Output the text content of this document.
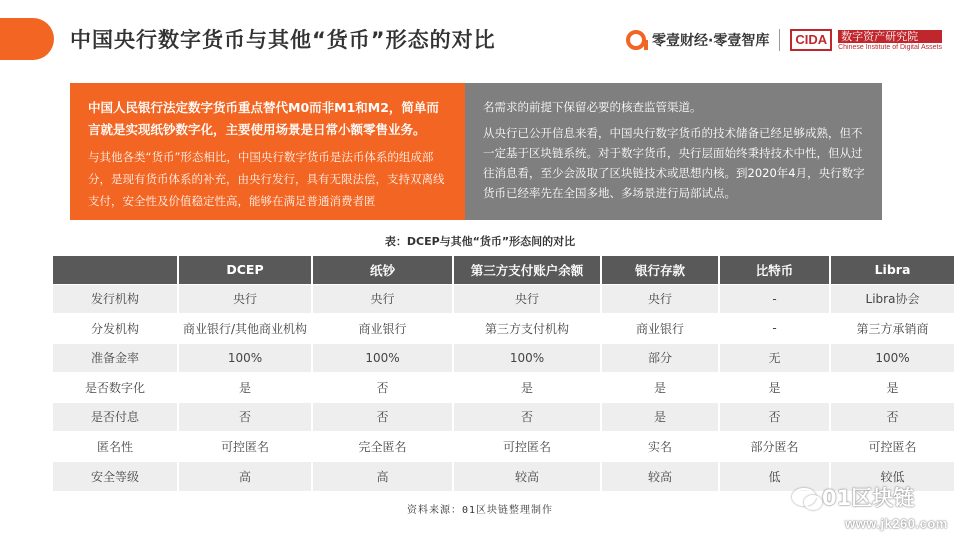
中国央行数字货币与其他“货币”形态的对比	零壹财经·零壹智库	CIDA	数字资产研究院
Chinese Institute of Digital Assets

中国人民银行法定数字货币重点替代M0而非M1和M2，简单而言就是实现纸钞数字化，主要使用场景是日常小额零售业务。

与其他各类“货币”形态相比，中国央行数字货币是法币体系的组成部分，是现有货币体系的补充，由央行发行，具有无限法偿，支持双离线支付，安全性及价值稳定性高，能够在满足普通消费者匿

名需求的前提下保留必要的核查监管渠道。

从央行已公开信息来看，中国央行数字货币的技术储备已经足够成熟，但不一定基于区块链系统。对于数字货币，央行层面始终秉持技术中性，但从过往消息看，至少会汲取了区块链技术或思想内核。到2020年4月，央行数字货币已经率先在全国多地、多场景进行局部试点。

表：DCEP与其他“货币”形态间的对比
	DCEP	纸钞	第三方支付账户余额	银行存款	比特币	Libra
发行机构	央行	央行	央行	央行	-	Libra协会
分发机构	商业银行/其他商业机构	商业银行	第三方支付机构	商业银行	-	第三方承销商
准备金率	100%	100%	100%	部分	无	100%
是否数字化	是	否	是	是	是	是
是否付息	否	否	否	是	否	否
匿名性	可控匿名	完全匿名	可控匿名	实名	部分匿名	可控匿名
安全等级	高	高	较高	较高	低	较低
资料来源：01区块链整理制作
01区块链
www.jk260.com
